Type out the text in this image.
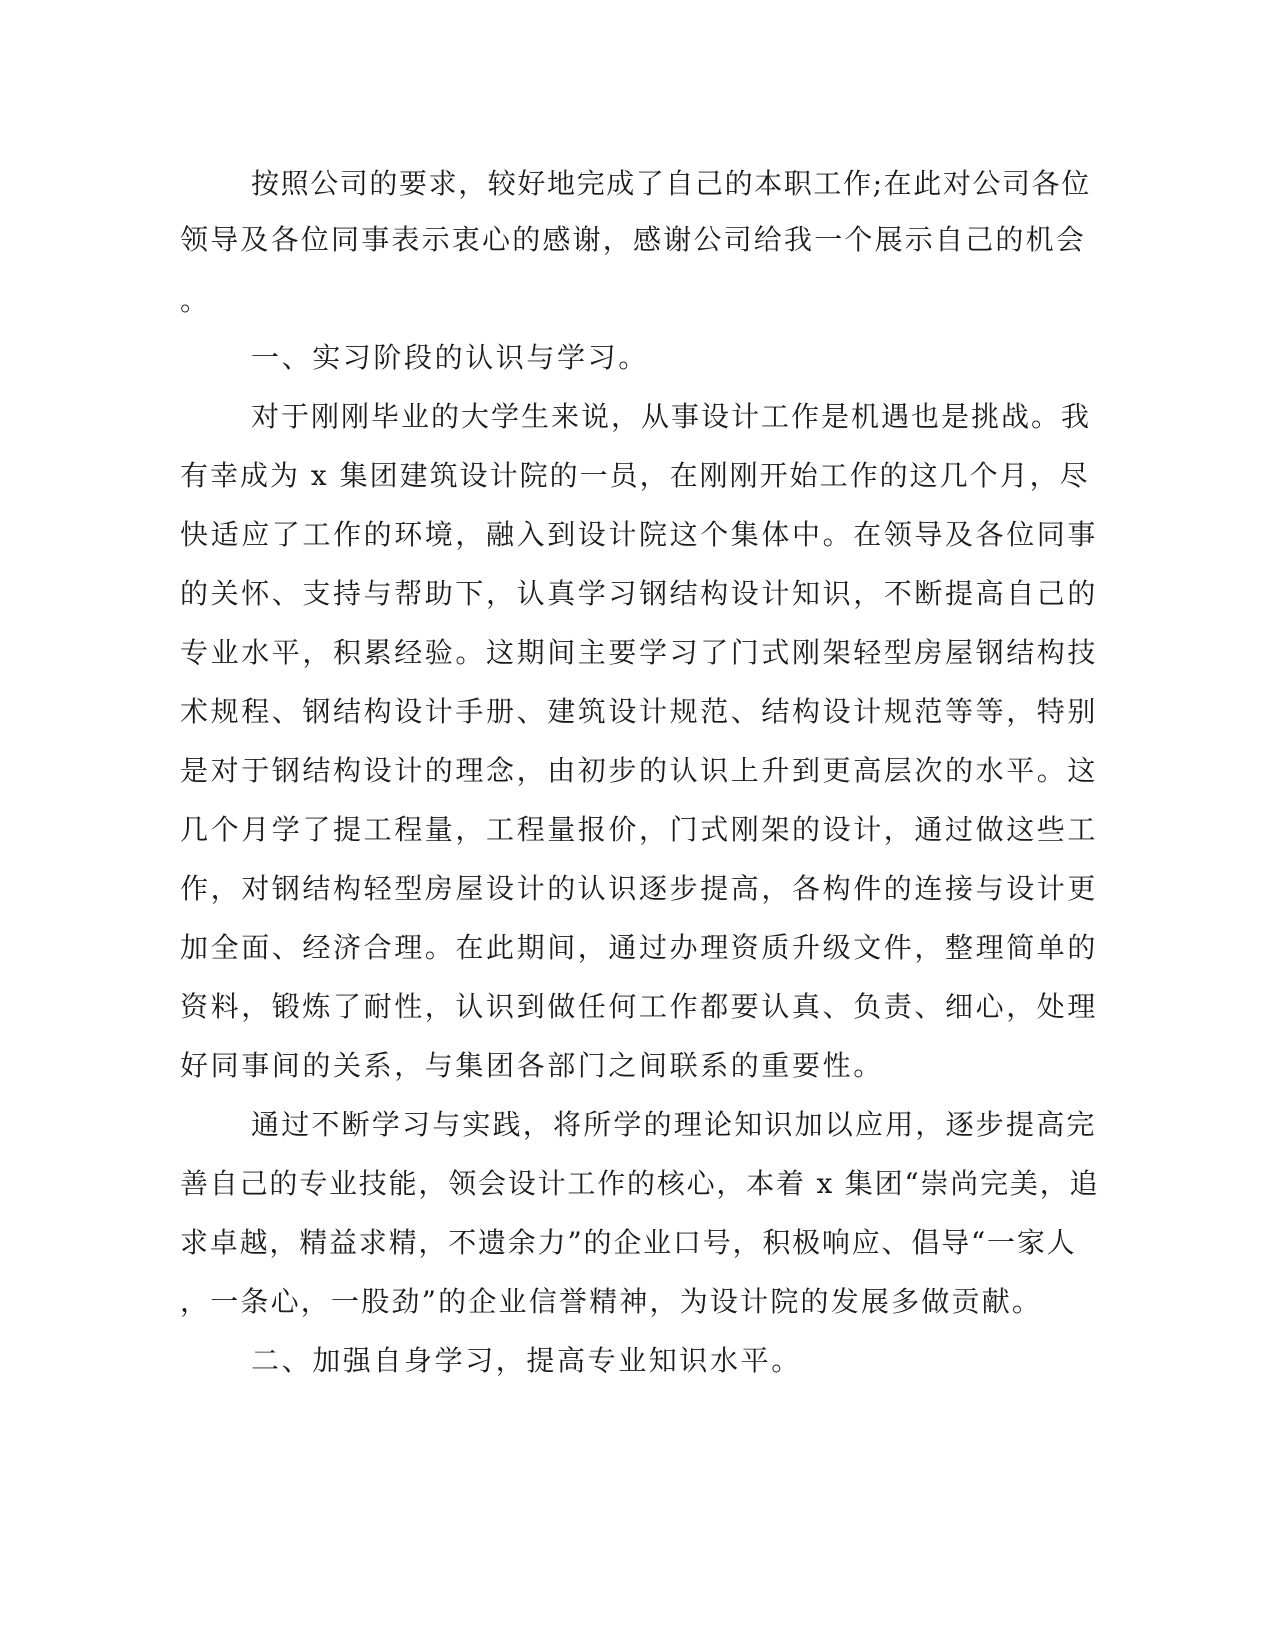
按照公司的要求，较好地完成了自己的本职工作;在此对公司各位
领导及各位同事表示衷心的感谢，感谢公司给我一个展示自己的机会
。
一、实习阶段的认识与学习。
对于刚刚毕业的大学生来说，从事设计工作是机遇也是挑战。我
有幸成为 x 集团建筑设计院的一员，在刚刚开始工作的这几个月，尽
快适应了工作的环境，融入到设计院这个集体中。在领导及各位同事
的关怀、支持与帮助下，认真学习钢结构设计知识，不断提高自己的
专业水平，积累经验。这期间主要学习了门式刚架轻型房屋钢结构技
术规程、钢结构设计手册、建筑设计规范、结构设计规范等等，特别
是对于钢结构设计的理念，由初步的认识上升到更高层次的水平。这
几个月学了提工程量，工程量报价，门式刚架的设计，通过做这些工
作，对钢结构轻型房屋设计的认识逐步提高，各构件的连接与设计更
加全面、经济合理。在此期间，通过办理资质升级文件，整理简单的
资料，锻炼了耐性，认识到做任何工作都要认真、负责、细心，处理
好同事间的关系，与集团各部门之间联系的重要性。
通过不断学习与实践，将所学的理论知识加以应用，逐步提高完
善自己的专业技能，领会设计工作的核心，本着 x 集团“崇尚完美，追
求卓越，精益求精，不遗余力”的企业口号，积极响应、倡导“一家人
，一条心，一股劲”的企业信誉精神，为设计院的发展多做贡献。
二、加强自身学习，提高专业知识水平。
